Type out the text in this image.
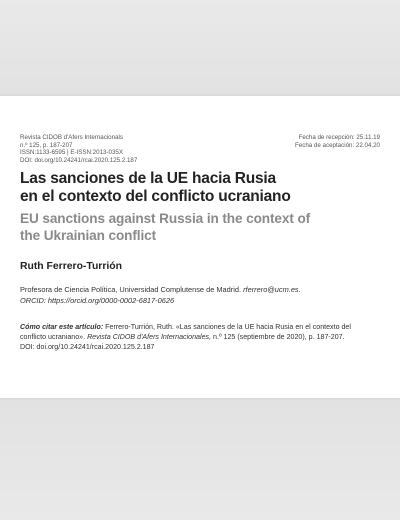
Revista CIDOB d'Afers Internacionals
n.º 125, p. 187-207
ISSN:1133-6595 | E-ISSN:2013-035X
DOI: doi.org/10.24241/rcai.2020.125.2.187
Fecha de recepción: 25.11.19
Fecha de aceptación: 22.04.20
Las sanciones de la UE hacia Rusia
en el contexto del conflicto ucraniano
EU sanctions against Russia in the context of
the Ukrainian conflict
Ruth Ferrero-Turrión
Profesora de Ciencia Política, Universidad Complutense de Madrid. rferrero@ucm.es.
ORCID: https://orcid.org/0000-0002-6817-0626
Cómo citar este artículo: Ferrero-Turrión, Ruth. «Las sanciones de la UE hacia Rusia en el contexto del
conflicto ucraniano». Revista CIDOB d'Afers Internacionales, n.º 125 (septiembre de 2020), p. 187-207.
DOI: doi.org/10.24241/rcai.2020.125.2.187
